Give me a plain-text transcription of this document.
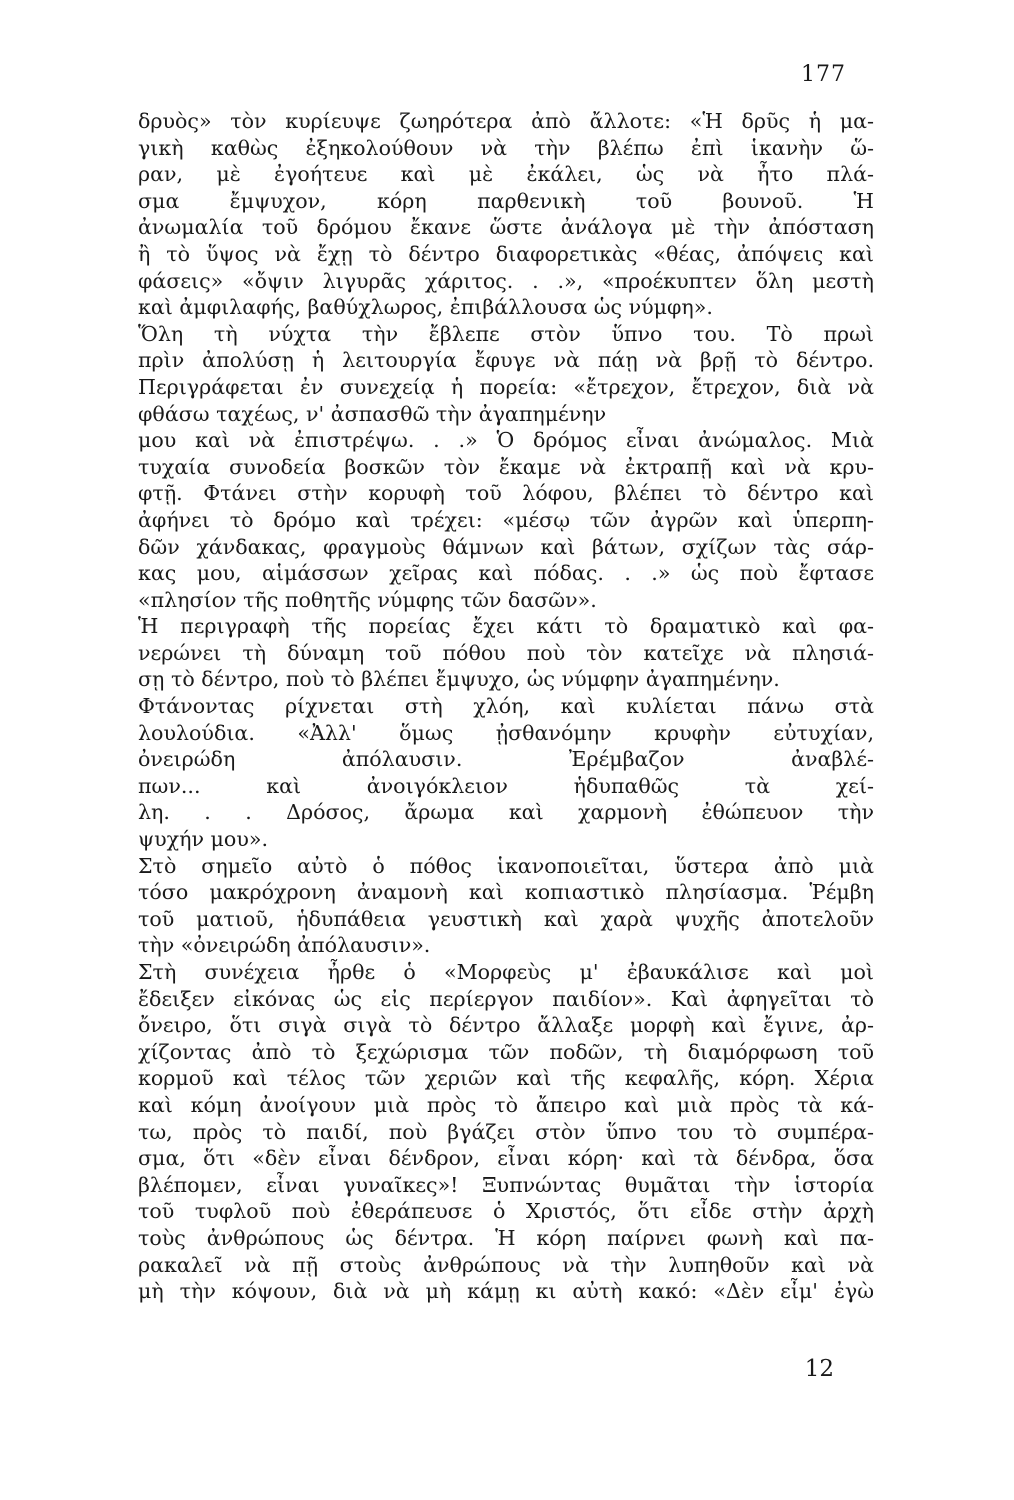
177
δρυὸς» τὸν κυρίευψε ζωηρότερα ἀπὸ ἄλλοτε: «Ἡ δρῦς ἡ μα-
γικὴ καθὼς ἐξηκολούθουν νὰ τὴν βλέπω ἐπὶ ἱκανὴν ὥ-
ραν, μὲ ἐγοήτευε καὶ μὲ ἐκάλει, ὡς νὰ ἦτο πλά-
σμα ἔμψυχον, κόρη παρθενικὴ τοῦ βουνοῦ. Ἡ
ἀνωμαλία τοῦ δρόμου ἔκανε ὥστε ἀνάλογα μὲ τὴν ἀπόσταση
ἢ τὸ ὕψος νὰ ἔχῃ τὸ δέντρο διαφορετικὰς «θέας, ἀπόψεις καὶ
φάσεις» «ὄψιν λιγυρᾶς χάριτος. . .», «προέκυπτεν ὅλη μεστὴ
καὶ ἀμφιλαφής, βαθύχλωρος, ἐπιβάλλουσα ὡς νύμφη».
Ὅλη τὴ νύχτα τὴν ἔβλεπε στὸν ὕπνο του. Τὸ πρωὶ
πρὶν ἀπολύσῃ ἡ λειτουργία ἔφυγε νὰ πάῃ νὰ βρῇ τὸ δέντρο.
Περιγράφεται ἐν συνεχείᾳ ἡ πορεία: «ἔτρεχον, ἔτρεχον, διὰ νὰ
φθάσω ταχέως, ν' ἀσπασθῶ τὴν ἀγαπημένην
μου καὶ νὰ ἐπιστρέψω. . .» Ὁ δρόμος εἶναι ἀνώμαλος. Μιὰ
τυχαία συνοδεία βοσκῶν τὸν ἔκαμε νὰ ἐκτραπῇ καὶ νὰ κρυ-
φτῇ. Φτάνει στὴν κορυφὴ τοῦ λόφου, βλέπει τὸ δέντρο καὶ
ἀφήνει τὸ δρόμο καὶ τρέχει: «μέσῳ τῶν ἀγρῶν καὶ ὑπερπη-
δῶν χάνδακας, φραγμοὺς θάμνων καὶ βάτων, σχίζων τὰς σάρ-
κας μου, αἱμάσσων χεῖρας καὶ πόδας. . .» ὡς ποὺ ἔφτασε
«πλησίον τῆς ποθητῆς νύμφης τῶν δασῶν».
Ἡ περιγραφὴ τῆς πορείας ἔχει κάτι τὸ δραματικὸ καὶ φα-
νερώνει τὴ δύναμη τοῦ πόθου ποὺ τὸν κατεῖχε νὰ πλησιά-
σῃ τὸ δέντρο, ποὺ τὸ βλέπει ἔμψυχο, ὡς νύμφην ἀγαπημένην.
Φτάνοντας ρίχνεται στὴ χλόη, καὶ κυλίεται πάνω στὰ
λουλούδια. «Ἀλλ' ὅμως ᾐσθανόμην κρυφὴν εὐτυχίαν,
ὀνειρώδη ἀπόλαυσιν. Ἐρέμβαζον ἀναβλέ-
πων... καὶ ἀνοιγόκλειον ἡδυπαθῶς τὰ χεί-
λη. . . Δρόσος, ἄρωμα καὶ χαρμονὴ ἐθώπευον τὴν
ψυχήν μου».
Στὸ σημεῖο αὐτὸ ὁ πόθος ἱκανοποιεῖται, ὕστερα ἀπὸ μιὰ
τόσο μακρόχρονη ἀναμονὴ καὶ κοπιαστικὸ πλησίασμα. Ῥέμβη
τοῦ ματιοῦ, ἡδυπάθεια γευστικὴ καὶ χαρὰ ψυχῆς ἀποτελοῦν
τὴν «ὀνειρώδη ἀπόλαυσιν».
Στὴ συνέχεια ἦρθε ὁ «Μορφεὺς μ' ἐβαυκάλισε καὶ μοὶ
ἔδειξεν εἰκόνας ὡς εἰς περίεργον παιδίον». Καὶ ἀφηγεῖται τὸ
ὄνειρο, ὅτι σιγὰ σιγὰ τὸ δέντρο ἄλλαξε μορφὴ καὶ ἔγινε, ἀρ-
χίζοντας ἀπὸ τὸ ξεχώρισμα τῶν ποδῶν, τὴ διαμόρφωση τοῦ
κορμοῦ καὶ τέλος τῶν χεριῶν καὶ τῆς κεφαλῆς, κόρη. Χέρια
καὶ κόμη ἀνοίγουν μιὰ πρὸς τὸ ἄπειρο καὶ μιὰ πρὸς τὰ κά-
τω, πρὸς τὸ παιδί, ποὺ βγάζει στὸν ὕπνο του τὸ συμπέρα-
σμα, ὅτι «δὲν εἶναι δένδρον, εἶναι κόρη· καὶ τὰ δένδρα, ὅσα
βλέπομεν, εἶναι γυναῖκες»! Ξυπνώντας θυμᾶται τὴν ἱστορία
τοῦ τυφλοῦ ποὺ ἐθεράπευσε ὁ Χριστός, ὅτι εἶδε στὴν ἀρχὴ
τοὺς ἀνθρώπους ὡς δέντρα. Ἡ κόρη παίρνει φωνὴ καὶ πα-
ρακαλεῖ νὰ πῇ στοὺς ἀνθρώπους νὰ τὴν λυπηθοῦν καὶ νὰ
μὴ τὴν κόψουν, διὰ νὰ μὴ κάμῃ κι αὐτὴ κακό: «Δὲν εἶμ' ἐγὼ
12
